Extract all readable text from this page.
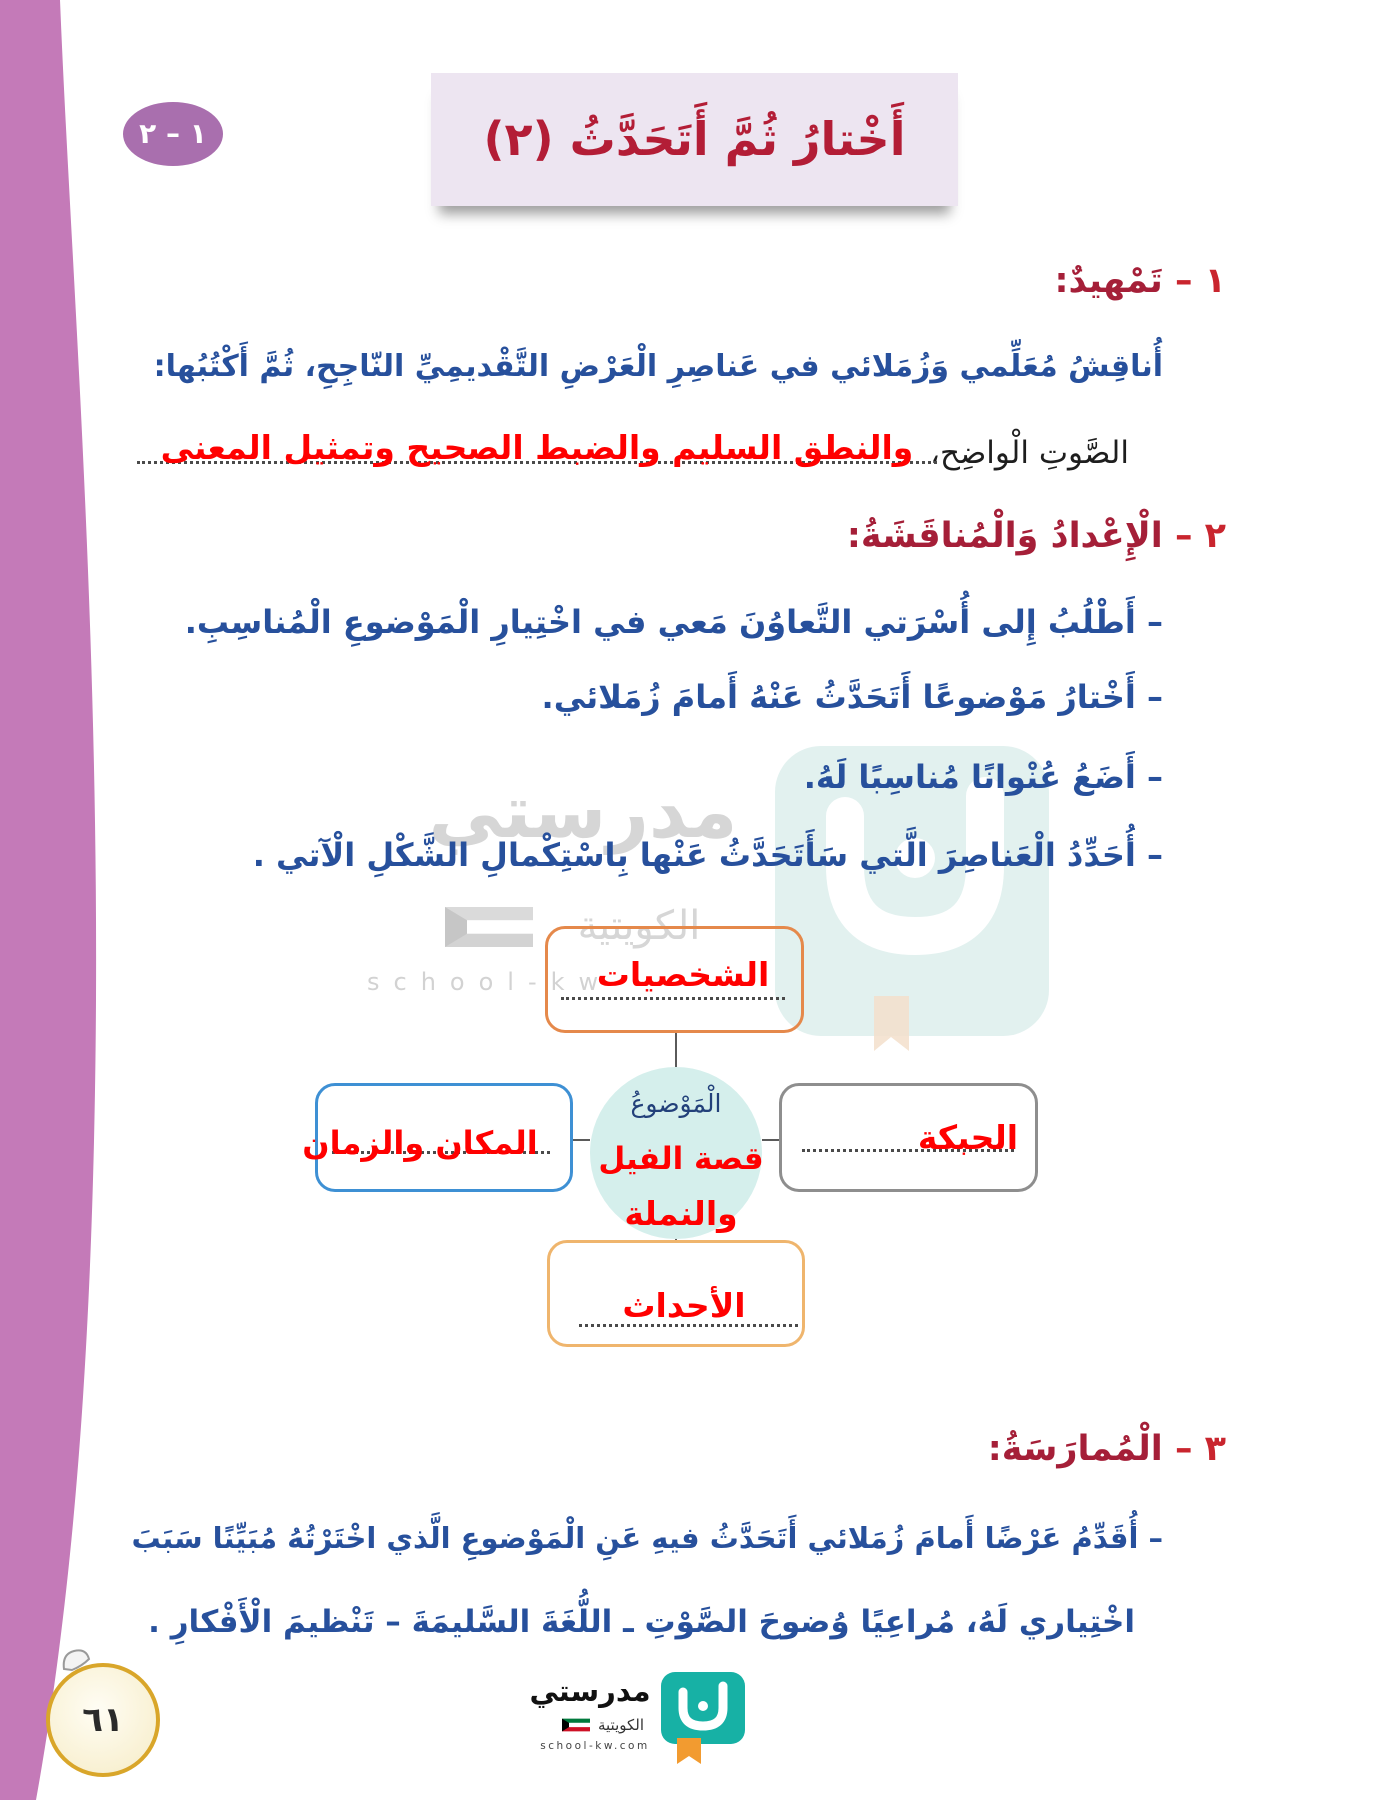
مدرستي
الكويتية
school-kw
١ – ٢	أَخْتارُ ثُمَّ أَتَحَدَّثُ (٢)
١ – تَمْهيدٌ:
أُناقِشُ مُعَلِّمي وَزُمَلائي في عَناصِرِ الْعَرْضِ التَّقْديمِيِّ النّاجِحِ، ثُمَّ أَكْتُبُها:
الصَّوتِ الْواضِح،
والنطق السليم والضبط الصحيح وتمثيل المعنى
٢ – الْإِعْدادُ وَالْمُناقَشَةُ:
– أَطْلُبُ إِلى أُسْرَتي التَّعاوُنَ مَعي في اخْتِيارِ الْمَوْضوعِ الْمُناسِبِ.
– أَخْتارُ مَوْضوعًا أَتَحَدَّثُ عَنْهُ أَمامَ زُمَلائي.
– أَضَعُ عُنْوانًا مُناسِبًا لَهُ.
– أُحَدِّدُ الْعَناصِرَ الَّتي سَأَتَحَدَّثُ عَنْها بِاسْتِكْمالِ الشَّكْلِ الْآتي .
الشخصيات
الْمَوْضوعُ
قصة الفيل
والنملة
المكان والزمان	الحبكة
الأحداث
٣ – الْمُمارَسَةُ:
– أُقَدِّمُ عَرْضًا أَمامَ زُمَلائي أَتَحَدَّثُ فيهِ عَنِ الْمَوْضوعِ الَّذي اخْتَرْتُهُ مُبَيِّنًا سَبَبَ
اخْتِياري لَهُ، مُراعِيًا وُضوحَ الصَّوْتِ ـ اللُّغَةَ السَّليمَةَ – تَنْظيمَ الْأَفْكارِ .
٦١
مدرستي
الكويتية
school-kw.com
